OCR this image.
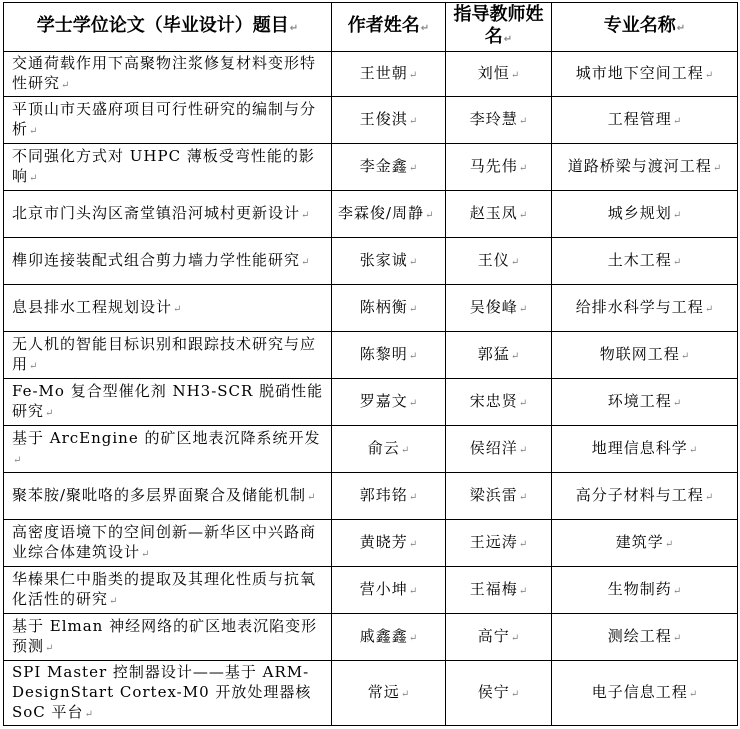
学士学位论文（毕业设计）题目↵	作者姓名↵	指导教师姓名↵	专业名称↵
交通荷载作用下高聚物注浆修复材料变形特性研究↵	王世朝↵	刘恒↵	城市地下空间工程↵
平顶山市天盛府项目可行性研究的编制与分析↵	王俊淇↵	李玲慧↵	工程管理↵
不同强化方式对 UHPC 薄板受弯性能的影响↵	李金鑫↵	马先伟↵	道路桥梁与渡河工程↵
北京市门头沟区斋堂镇沿河城村更新设计↵	李霖俊/周静↵	赵玉凤↵	城乡规划↵
榫卯连接装配式组合剪力墙力学性能研究↵	张家诚↵	王仪↵	土木工程↵
息县排水工程规划设计↵	陈柄衡↵	吴俊峰↵	给排水科学与工程↵
无人机的智能目标识别和跟踪技术研究与应用↵	陈黎明↵	郭猛↵	物联网工程↵
Fe-Mo 复合型催化剂 NH3-SCR 脱硝性能研究↵	罗嘉文↵	宋忠贤↵	环境工程↵
基于 ArcEngine 的矿区地表沉降系统开发↵	俞云↵	侯绍洋↵	地理信息科学↵
聚苯胺/聚吡咯的多层界面聚合及储能机制↵	郭玮铭↵	梁浜雷↵	高分子材料与工程↵
高密度语境下的空间创新—新华区中兴路商业综合体建筑设计↵	黄晓芳↵	王远涛↵	建筑学↵
华榛果仁中脂类的提取及其理化性质与抗氧化活性的研究↵	营小坤↵	王福梅↵	生物制药↵
基于 Elman 神经网络的矿区地表沉陷变形预测↵	戚鑫鑫↵	高宁↵	测绘工程↵
SPI Master 控制器设计——基于 ARM-DesignStart Cortex-M0 开放处理器核 SoC 平台↵	常远↵	侯宁↵	电子信息工程↵
